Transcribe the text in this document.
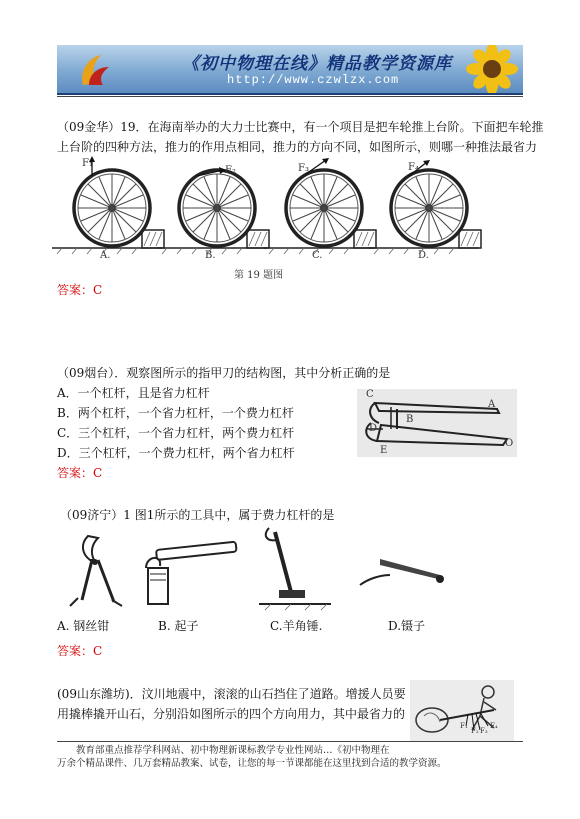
《初中物理在线》精品教学资源库
http://www.czwlzx.com
（09金华）19．在海南举办的大力士比赛中，有一个项目是把车轮推上台阶。下面把车轮推
上台阶的四种方法，推力的作用点相同，推力的方向不同，如图所示，则哪一种推法最省力
F₁
F₂	F₃	F₄
A.	B.	C.	D.
第 19 题图
答案：C
（09烟台）．观察图所示的指甲刀的结构图，其中分析正确的是
A．一个杠杆，且是省力杠杆
B．两个杠杆，一个省力杠杆，一个费力杠杆
C．三个杠杆，一个省力杠杆，两个费力杠杆
D．三个杠杆，一个费力杠杆，两个省力杠杆
答案：C
C
A
B
D
O
E
（09济宁）1 图1所示的工具中，属于费力杠杆的是
A. 钢丝钳	B. 起子	C.羊角锤.	D.镊子
答案：C
(09山东潍坊)．汶川地震中，滚滚的山石挡住了道路。增援人员要
用撬棒撬开山石，分别沿如图所示的四个方向用力，其中最省力的
F₁
F₂ F₃
F₄
教育部重点推荐学科网站、初中物理新课标教学专业性网站…《初中物理在
万余个精品课件、几万套精品教案、试卷，让您的每一节课都能在这里找到合适的教学资源。
